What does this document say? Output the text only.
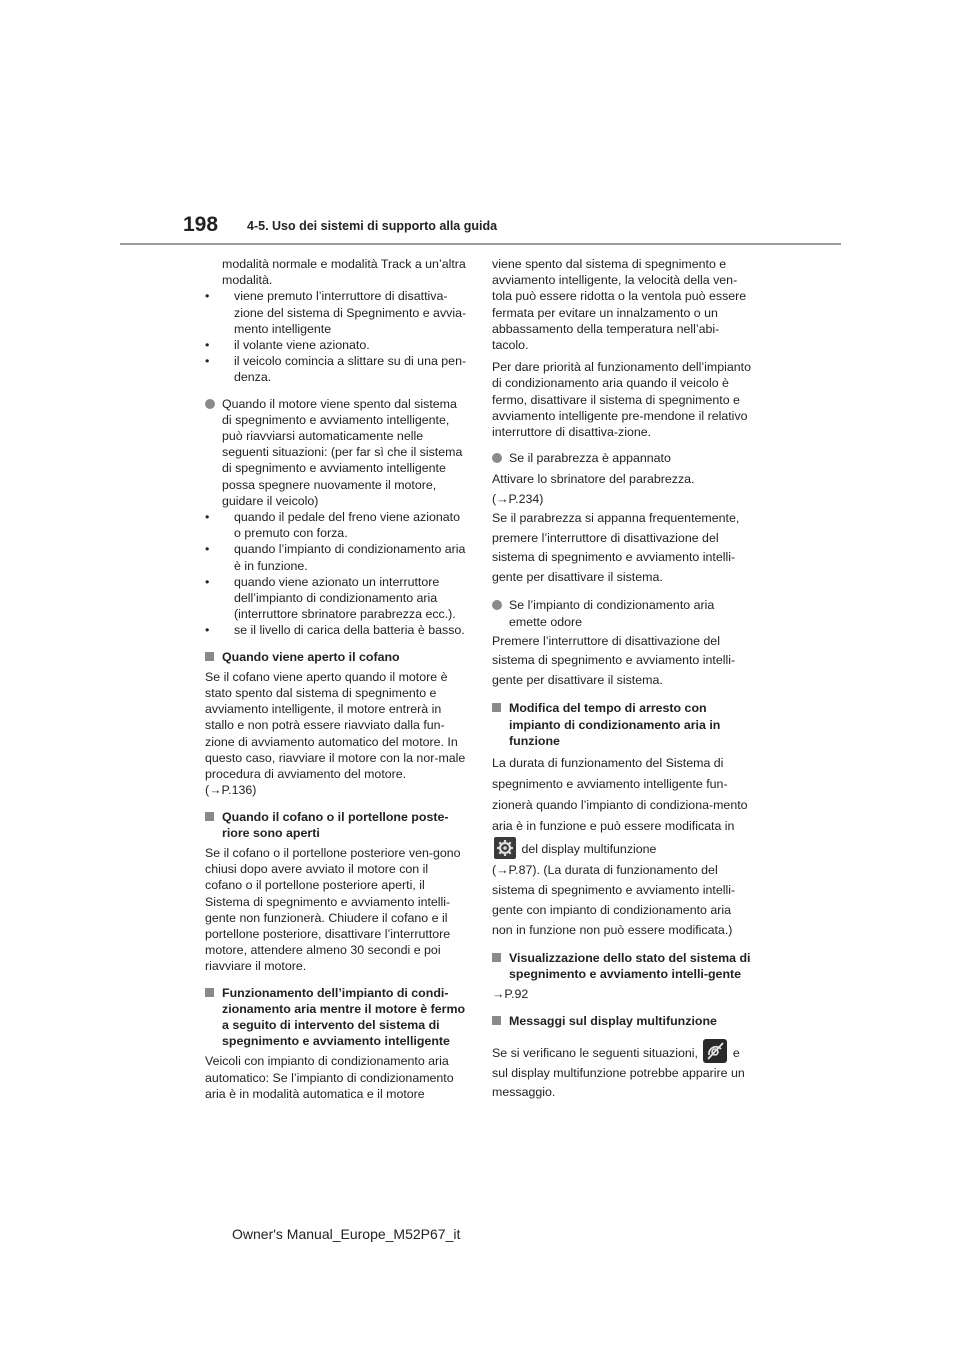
198 4-5. Uso dei sistemi di supporto alla guida
modalità normale e modalità Track a un’altra modalità.
• viene premuto l’interruttore di disattiva-zione del sistema di Spegnimento e avvia-mento intelligente
• il volante viene azionato.
• il veicolo comincia a slittare su di una pen-denza.
Quando il motore viene spento dal sistema di spegnimento e avviamento intelligente, può riavviarsi automaticamente nelle seguenti situazioni: (per far sì che il sistema di spegnimento e avviamento intelligente possa spegnere nuovamente il motore, guidare il veicolo)
• quando il pedale del freno viene azionato o premuto con forza.
• quando l’impianto di condizionamento aria è in funzione.
• quando viene azionato un interruttore dell’impianto di condizionamento aria (interruttore sbrinatore parabrezza ecc.).
• se il livello di carica della batteria è basso.
Quando viene aperto il cofano
Se il cofano viene aperto quando il motore è stato spento dal sistema di spegnimento e avviamento intelligente, il motore entrerà in stallo e non potrà essere riavviato dalla fun-zione di avviamento automatico del motore. In questo caso, riavviare il motore con la nor-male procedura di avviamento del motore.
(→P.136)
Quando il cofano o il portellone poste-riore sono aperti
Se il cofano o il portellone posteriore ven-gono chiusi dopo avere avviato il motore con il cofano o il portellone posteriore aperti, il Sistema di spegnimento e avviamento intelli-gente non funzionerà. Chiudere il cofano e il portellone posteriore, disattivare l’interruttore motore, attendere almeno 30 secondi e poi riavviare il motore.
Funzionamento dell’impianto di condi-zionamento aria mentre il motore è fermo a seguito di intervento del sistema di spegnimento e avviamento intelligente
Veicoli con impianto di condizionamento aria automatico: Se l’impianto di condizionamento aria è in modalità automatica e il motore

viene spento dal sistema di spegnimento e avviamento intelligente, la velocità della ven-tola può essere ridotta o la ventola può essere fermata per evitare un innalzamento o un abbassamento della temperatura nell’abi-tacolo.

Per dare priorità al funzionamento dell’impianto di condizionamento aria quando il veicolo è fermo, disattivare il sistema di spegnimento e avviamento intelligente pre-mendone il relativo interruttore di disattiva-zione.

Se il parabrezza è appannato
Attivare lo sbrinatore del parabrezza.
(→P.234)
Se il parabrezza si appanna frequentemente, premere l’interruttore di disattivazione del sistema di spegnimento e avviamento intelli-gente per disattivare il sistema.
Se l’impianto di condizionamento aria emette odore
Premere l’interruttore di disattivazione del sistema di spegnimento e avviamento intelli-gente per disattivare il sistema.
Modifica del tempo di arresto con impianto di condizionamento aria in funzione
La durata di funzionamento del Sistema di spegnimento e avviamento intelligente fun-zionerà quando l’impianto di condiziona-mento aria è in funzione e può essere modificata in
del display multifunzione
(→P.87). (La durata di funzionamento del sistema di spegnimento e avviamento intelli-gente con impianto di condizionamento aria non in funzione non può essere modificata.)
Visualizzazione dello stato del sistema di spegnimento e avviamento intelli-gente
→P.92
Messaggi sul display multifunzione
Se si verificano le seguenti situazioni,	e
sul display multifunzione potrebbe apparire un messaggio.
Owner's Manual_Europe_M52P67_it
